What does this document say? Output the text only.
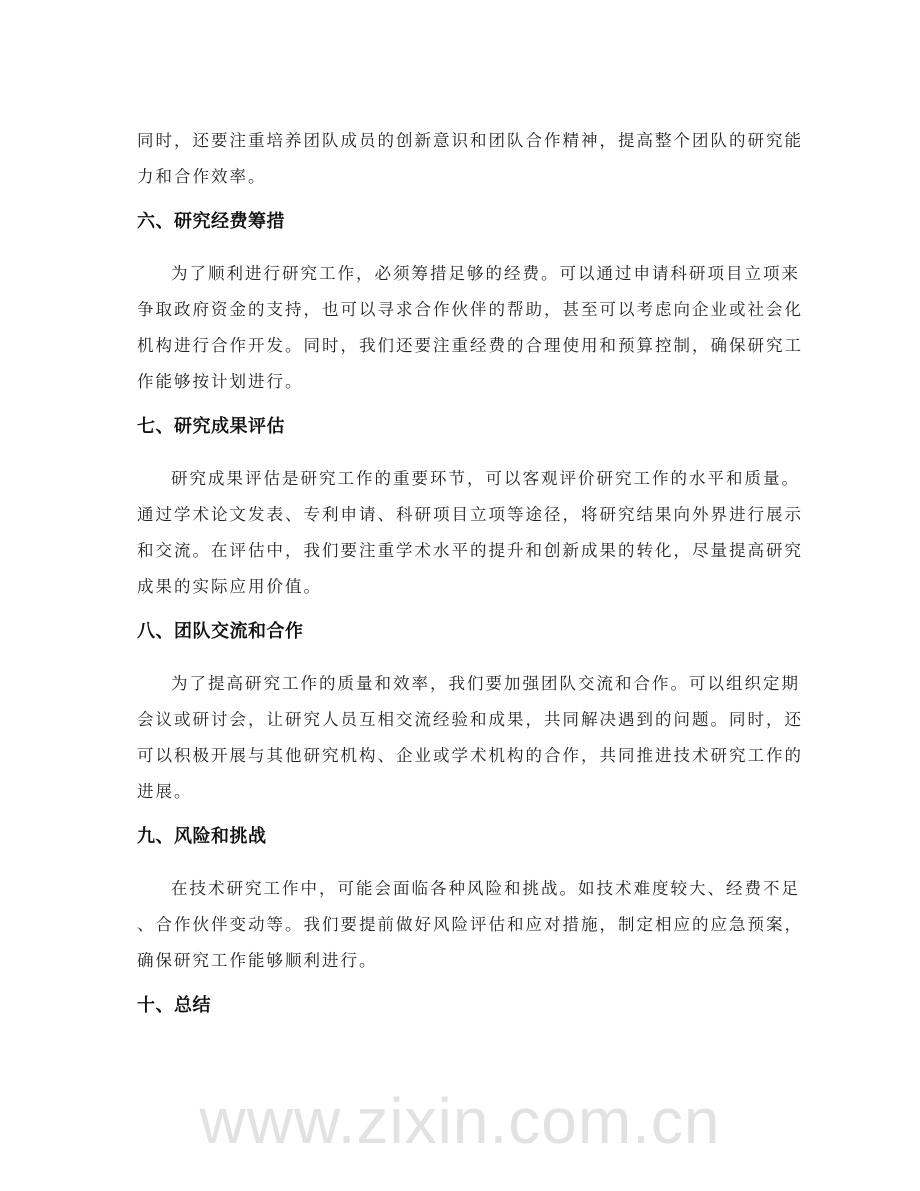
同时，还要注重培养团队成员的创新意识和团队合作精神，提高整个团队的研究能
力和合作效率。
六、研究经费筹措
为了顺利进行研究工作，必须筹措足够的经费。可以通过申请科研项目立项来
争取政府资金的支持，也可以寻求合作伙伴的帮助，甚至可以考虑向企业或社会化
机构进行合作开发。同时，我们还要注重经费的合理使用和预算控制，确保研究工
作能够按计划进行。
七、研究成果评估
研究成果评估是研究工作的重要环节，可以客观评价研究工作的水平和质量。
通过学术论文发表、专利申请、科研项目立项等途径，将研究结果向外界进行展示
和交流。在评估中，我们要注重学术水平的提升和创新成果的转化，尽量提高研究
成果的实际应用价值。
八、团队交流和合作
为了提高研究工作的质量和效率，我们要加强团队交流和合作。可以组织定期
会议或研讨会，让研究人员互相交流经验和成果，共同解决遇到的问题。同时，还
可以积极开展与其他研究机构、企业或学术机构的合作，共同推进技术研究工作的
进展。
九、风险和挑战
在技术研究工作中，可能会面临各种风险和挑战。如技术难度较大、经费不足
、合作伙伴变动等。我们要提前做好风险评估和应对措施，制定相应的应急预案，
确保研究工作能够顺利进行。
十、总结
www.zixin.com.cn
